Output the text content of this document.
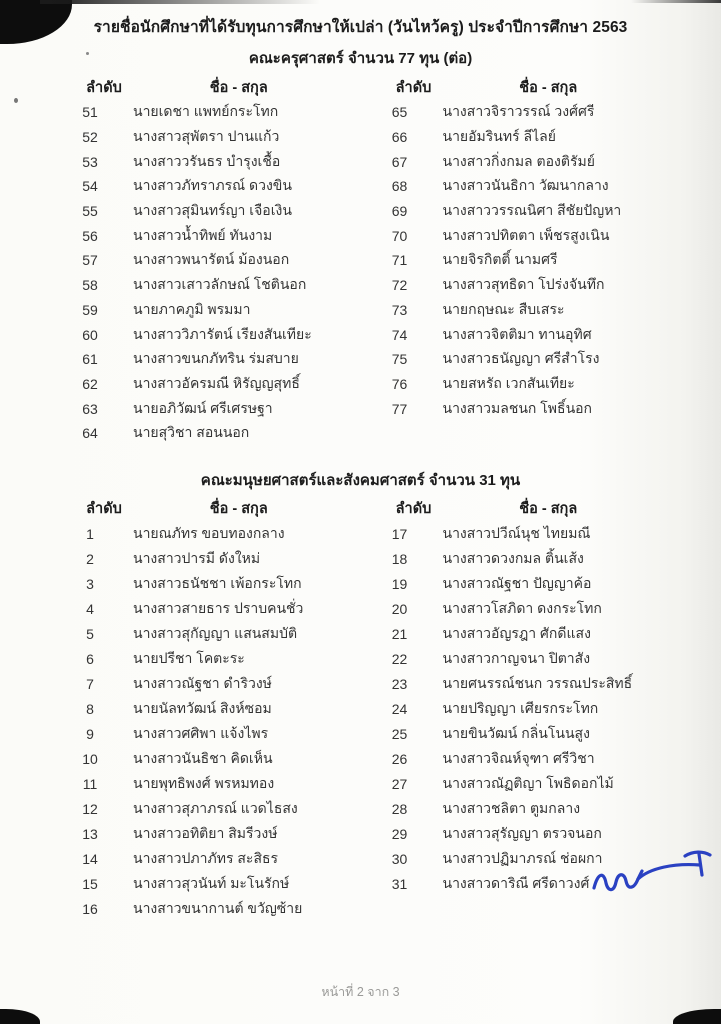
รายชื่อนักศึกษาที่ได้รับทุนการศึกษาให้เปล่า (วันไหว้ครู) ประจำปีการศึกษา 2563
คณะครุศาสตร์ จำนวน 77 ทุน (ต่อ)
ลำดับ	ชื่อ - สกุล
51	นายเดชา แพทย์กระโทก
52	นางสาวสุพัตรา ปานแก้ว
53	นางสาววรันธร บำรุงเชื้อ
54	นางสาวภัทราภรณ์ ดวงขิน
55	นางสาวสุมินทร์ญา เจือเงิน
56	นางสาวน้ำทิพย์ ทันงาม
57	นางสาวพนารัตน์ ม้องนอก
58	นางสาวเสาวลักษณ์ โชตินอก
59	นายภาคภูมิ พรมมา
60	นางสาววิภารัตน์ เรียงสันเทียะ
61	นางสาวขนกภัทริน ร่มสบาย
62	นางสาวอัครมณี หิรัญญสุทธิ์
63	นายอภิวัฒน์ ศรีเศรษฐา
64	นายสุวิชา สอนนอก
ลำดับ	ชื่อ - สกุล
65	นางสาวจิราวรรณ์ วงศ์ศรี
66	นายอัมรินทร์ ลีไลย์
67	นางสาวกิ่งกมล ตองติรัมย์
68	นางสาวนันธิกา วัฒนากลาง
69	นางสาววรรณนิศา สีชัยปัญหา
70	นางสาวปทิตตา เพ็ชรสูงเนิน
71	นายจิรกิตติ์ นามศรี
72	นางสาวสุทธิดา โปร่งจันทึก
73	นายกฤษณะ สืบเสระ
74	นางสาวจิตติมา ทานอุทิศ
75	นางสาวธนัญญา ศรีสำโรง
76	นายสหรัถ เวกสันเทียะ
77	นางสาวมลชนก โพธิ์นอก
คณะมนุษยศาสตร์และสังคมศาสตร์ จำนวน 31 ทุน
ลำดับ	ชื่อ - สกุล
1	นายณภัทร ขอบทองกลาง
2	นางสาวปารมี ดังใหม่
3	นางสาวธนัชชา เพ้อกระโทก
4	นางสาวสายธาร ปราบคนชั่ว
5	นางสาวสุกัญญา แสนสมบัติ
6	นายปรีชา โคตะระ
7	นางสาวณัฐชา ดำริวงษ์
8	นายนัลทวัฒน์ สิงห์ซอม
9	นางสาวศศิพา แจ้งไพร
10	นางสาวนันธิชา คิดเห็น
11	นายพุทธิพงศ์ พรหมทอง
12	นางสาวสุภาภรณ์ แวดไธสง
13	นางสาวอทิติยา สิมรีวงษ์
14	นางสาวปภาภัทร สะสิธร
15	นางสาวสุวนันท์ มะโนรักษ์
16	นางสาวขนากานต์ ขวัญซ้าย
ลำดับ	ชื่อ - สกุล
17	นางสาวปวีณ์นุช ไทยมณี
18	นางสาวดวงกมล ติ้นเส้ง
19	นางสาวณัฐชา ปัญญาค้อ
20	นางสาวโสภิดา ดงกระโทก
21	นางสาวอัญรฎา ศักดีแสง
22	นางสาวกาญจนา ปิตาสัง
23	นายศนรรณ์ชนก วรรณประสิทธิ์
24	นายปริญญา เศียรกระโทก
25	นายขินวัฒน์ กลิ่นโนนสูง
26	นางสาวจิณห์จุฑา ศรีวิชา
27	นางสาวณัฏติญา โพธิดอกไม้
28	นางสาวชลิตา ตูมกลาง
29	นางสาวสุรัญญา ตรวจนอก
30	นางสาวปฏิมาภรณ์ ช่อผกา
31	นางสาวดาริณี ศรีดาวงศ์
หน้าที่ 2 จาก 3
